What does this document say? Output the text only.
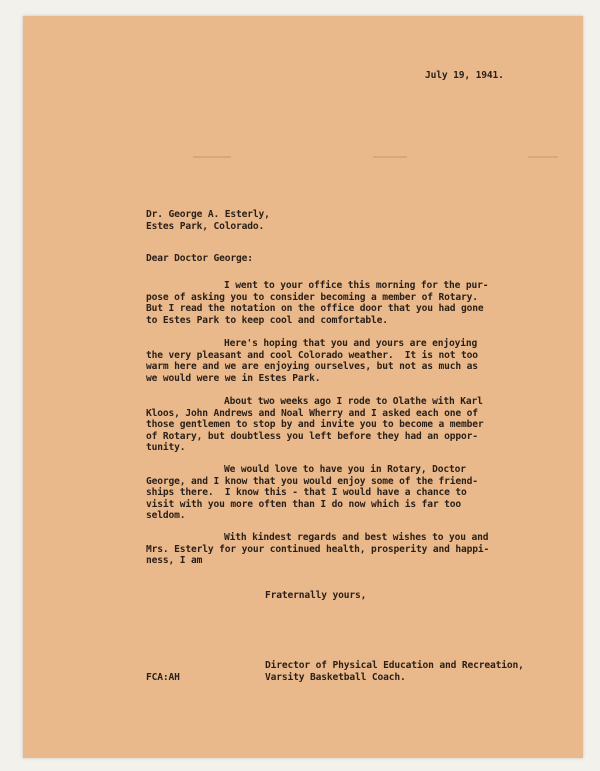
July 19, 1941.
Dr. George A. Esterly,
Estes Park, Colorado.
Dear Doctor George:
I went to your office this morning for the pur-
pose of asking you to consider becoming a member of Rotary.
But I read the notation on the office door that you had gone
to Estes Park to keep cool and comfortable.
Here's hoping that you and yours are enjoying
the very pleasant and cool Colorado weather.  It is not too
warm here and we are enjoying ourselves, but not as much as
we would were we in Estes Park.
About two weeks ago I rode to Olathe with Karl
Kloos, John Andrews and Noal Wherry and I asked each one of
those gentlemen to stop by and invite you to become a member
of Rotary, but doubtless you left before they had an oppor-
tunity.
We would love to have you in Rotary, Doctor
George, and I know that you would enjoy some of the friend-
ships there.  I know this - that I would have a chance to
visit with you more often than I do now which is far too
seldom.
With kindest regards and best wishes to you and
Mrs. Esterly for your continued health, prosperity and happi-
ness, I am
Fraternally yours,
Director of Physical Education and Recreation,
Varsity Basketball Coach.
FCA:AH
